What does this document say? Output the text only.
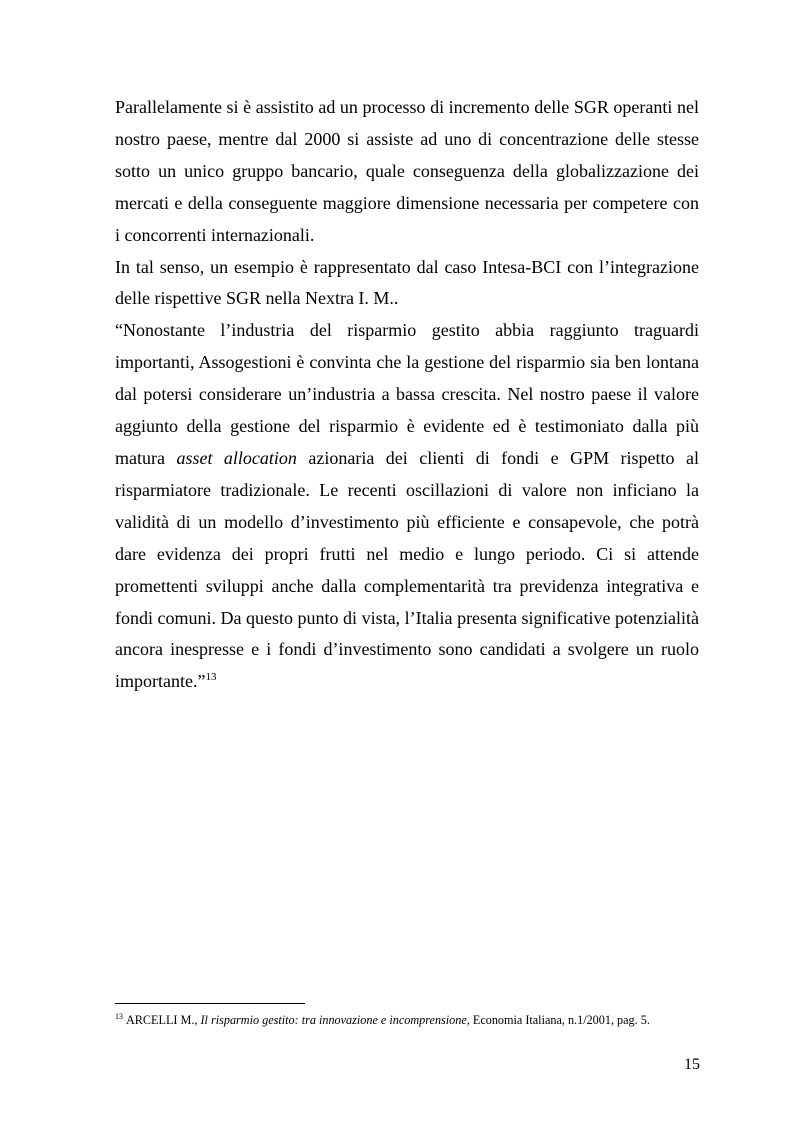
Parallelamente si è assistito ad un processo di incremento delle SGR operanti nel nostro paese, mentre dal 2000 si assiste ad uno di concentrazione delle stesse sotto un unico gruppo bancario, quale conseguenza della globalizzazione dei mercati e della conseguente maggiore dimensione necessaria per competere con i concorrenti internazionali.

In tal senso, un esempio è rappresentato dal caso Intesa-BCI con l’integrazione delle rispettive SGR nella Nextra I. M..

“Nonostante l’industria del risparmio gestito abbia raggiunto traguardi importanti, Assogestioni è convinta che la gestione del risparmio sia ben lontana dal potersi considerare un’industria a bassa crescita. Nel nostro paese il valore aggiunto della gestione del risparmio è evidente ed è testimoniato dalla più matura asset allocation azionaria dei clienti di fondi e GPM rispetto al risparmiatore tradizionale. Le recenti oscillazioni di valore non inficiano la validità di un modello d’investimento più efficiente e consapevole, che potrà dare evidenza dei propri frutti nel medio e lungo periodo. Ci si attende promettenti sviluppi anche dalla complementarità tra previdenza integrativa e fondi comuni. Da questo punto di vista, l’Italia presenta significative potenzialità ancora inespresse e i fondi d’investimento sono candidati a svolgere un ruolo importante.”$^{13}$

$^{13}$ ARCELLI M., Il risparmio gestito: tra innovazione e incomprensione, Economia Italiana, n.1/2001, pag. 5.
15
